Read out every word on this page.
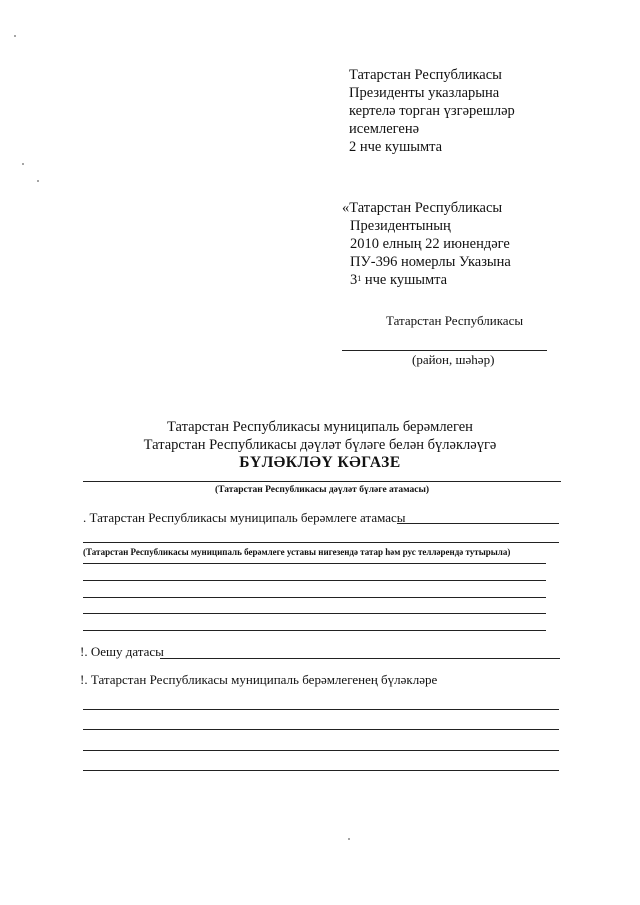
Татарстан Республикасы
Президенты указларына
кертелә торган үзгәрешләр
исемлегенә
2 нче кушымта
«Татарстан Республикасы
Президентының
2010 елның 22 июнендәге
ПУ-396 номерлы Указына
$3^1$ нче кушымта
Татарстан Республикасы
(район, шәһәр)
Татарстан Республикасы муниципаль берәмлеген
Татарстан Республикасы дәүләт бүләге белән бүләкләүгә
БҮЛӘКЛӘҮ КӘГАЗЕ
(Татарстан Республикасы дәүләт бүләге атамасы)
. Татарстан Республикасы муниципаль берәмлеге атамасы
(Татарстан Республикасы муниципаль берәмлеге уставы нигезендә татар һәм рус телләрендә тутырыла)
!. Оешу датасы
!. Татарстан Республикасы муниципаль берәмлегенең бүләкләре
